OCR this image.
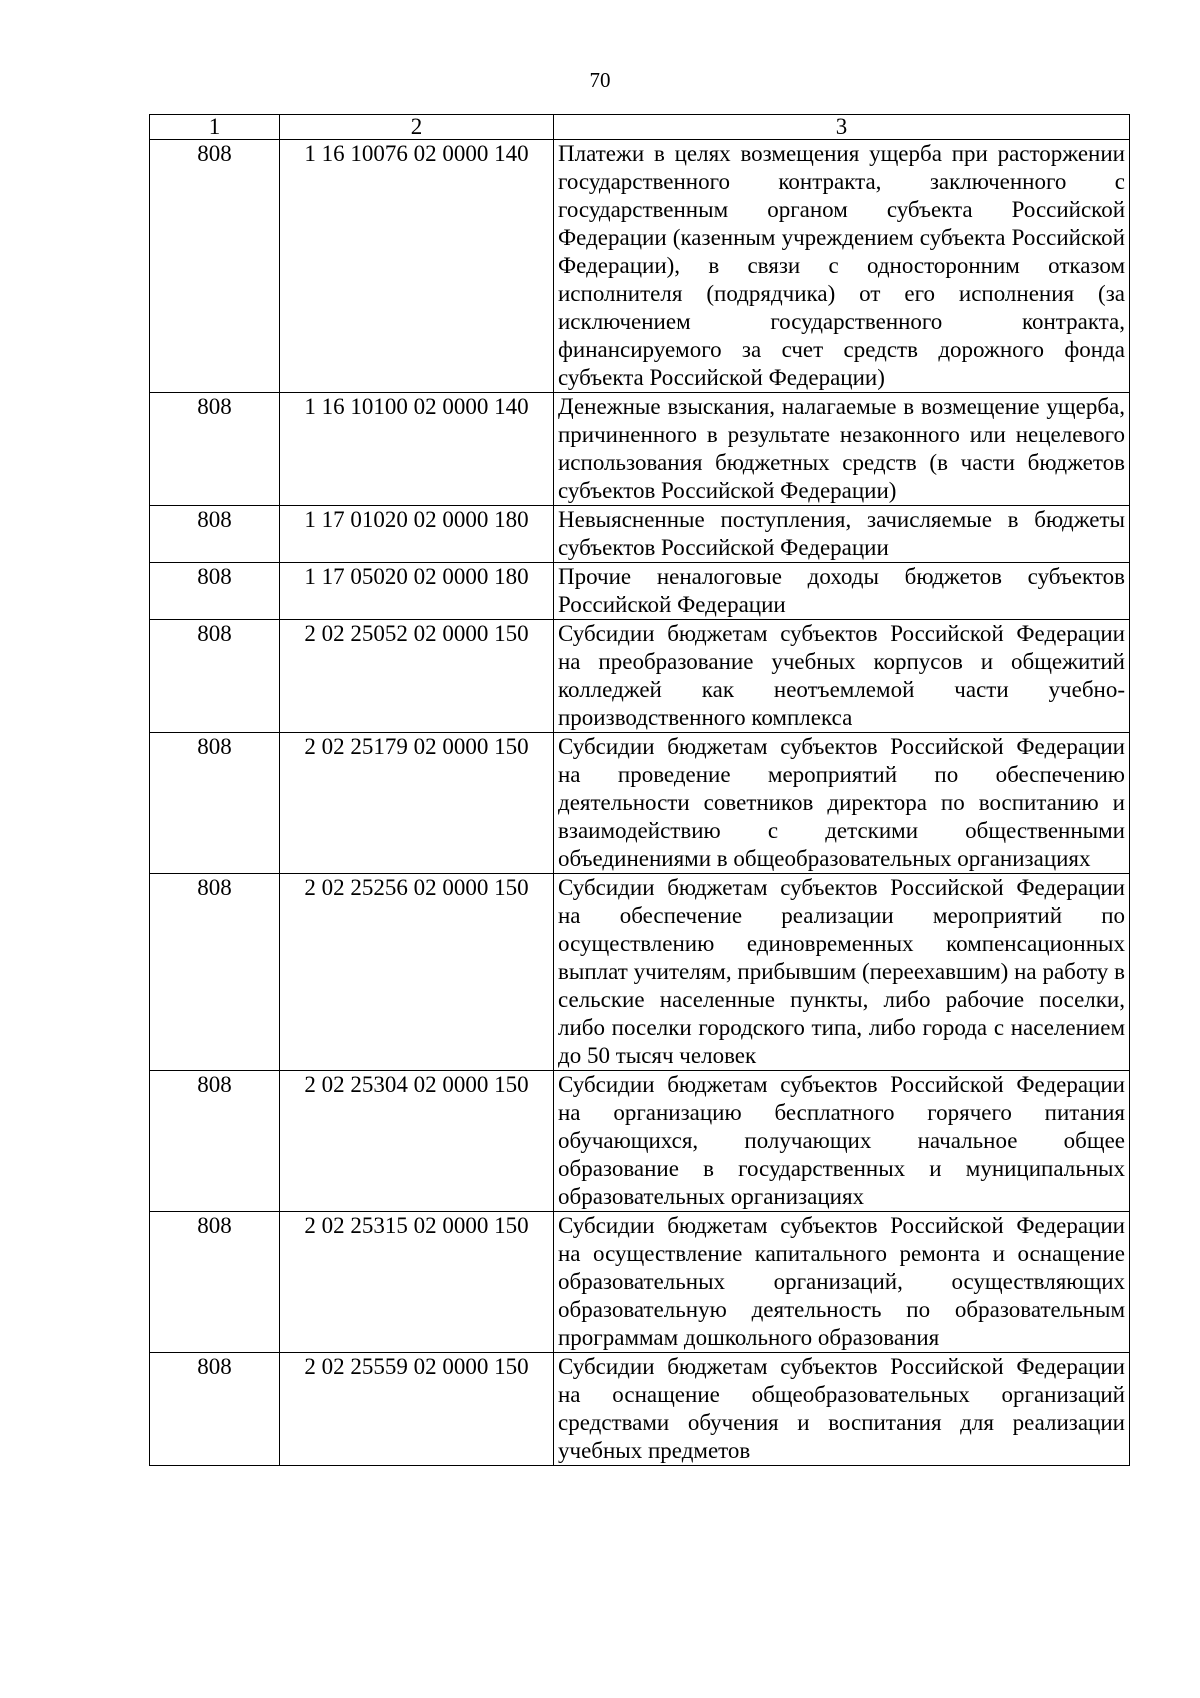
70
1	2	3
808	1 16 10076 02 0000 140	Платежи в целях возмещения ущерба при расторжении государственного контракта, заключенного с государственным органом субъекта Российской Федерации (казенным учреждением субъекта Российской Федерации), в связи с односторонним отказом исполнителя (подрядчика) от его исполнения (за исключением государственного контракта, финансируемого за счет средств дорожного фонда субъекта Российской Федерации)
808	1 16 10100 02 0000 140	Денежные взыскания, налагаемые в возмещение ущерба, причиненного в результате незаконного или нецелевого использования бюджетных средств (в части бюджетов субъектов Российской Федерации)
808	1 17 01020 02 0000 180	Невыясненные поступления, зачисляемые в бюджеты субъектов Российской Федерации
808	1 17 05020 02 0000 180	Прочие неналоговые доходы бюджетов субъектов Российской Федерации
808	2 02 25052 02 0000 150	Субсидии бюджетам субъектов Российской Федерации на преобразование учебных корпусов и общежитий колледжей как неотъемлемой части учебно-производственного комплекса
808	2 02 25179 02 0000 150	Субсидии бюджетам субъектов Российской Федерации на проведение мероприятий по обеспечению деятельности советников директора по воспитанию и взаимодействию с детскими общественными объединениями в общеобразовательных организациях
808	2 02 25256 02 0000 150	Субсидии бюджетам субъектов Российской Федерации на обеспечение реализации мероприятий по осуществлению единовременных компенсационных выплат учителям, прибывшим (переехавшим) на работу в сельские населенные пункты, либо рабочие поселки, либо поселки городского типа, либо города с населением до 50 тысяч человек
808	2 02 25304 02 0000 150	Субсидии бюджетам субъектов Российской Федерации на организацию бесплатного горячего питания обучающихся, получающих начальное общее образование в государственных и муниципальных образовательных организациях
808	2 02 25315 02 0000 150	Субсидии бюджетам субъектов Российской Федерации на осуществление капитального ремонта и оснащение образовательных организаций, осуществляющих образовательную деятельность по образовательным программам дошкольного образования
808	2 02 25559 02 0000 150	Субсидии бюджетам субъектов Российской Федерации на оснащение общеобразовательных организаций средствами обучения и воспитания для реализации учебных предметов
